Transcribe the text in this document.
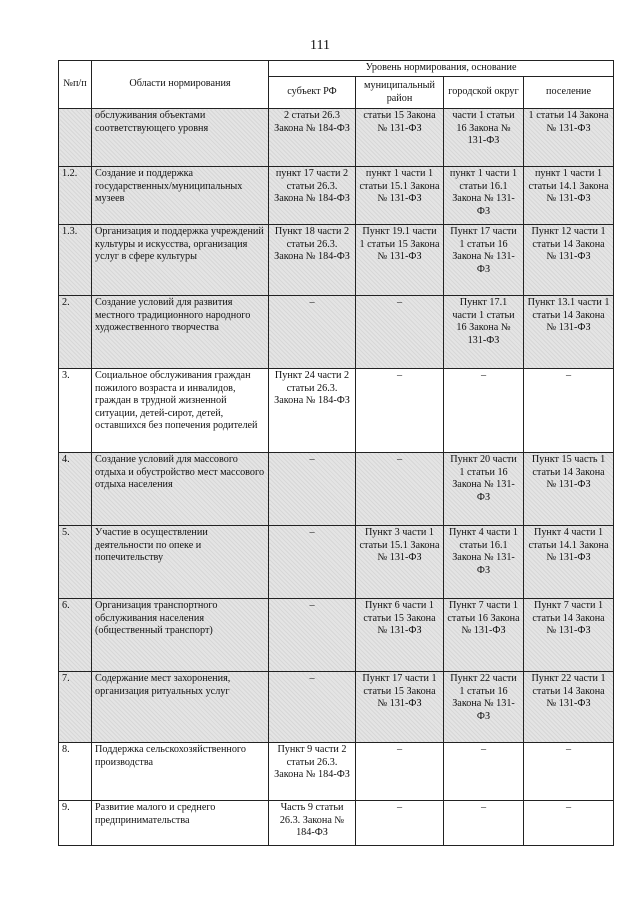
111
№п/п	Области нормирования	Уровень нормирования, основание			
		субъект РФ	муниципальный район	городской округ	поселение
	обслуживания объектами соответствующего уровня	2 статьи 26.3 Закона № 184-ФЗ	статьи 15 Закона № 131-ФЗ	части 1 статьи 16 Закона № 131-ФЗ	1 статьи 14 Закона № 131-ФЗ
1.2.	Создание и поддержка государственных/муниципальных музеев	пункт 17 части 2 статьи 26.3. Закона № 184-ФЗ	пункт 1 части 1 статьи 15.1 Закона № 131-ФЗ	пункт 1 части 1 статьи 16.1 Закона № 131-ФЗ	пункт 1 части 1 статьи 14.1 Закона № 131-ФЗ
1.3.	Организация и поддержка учреждений культуры и искусства, организация услуг в сфере культуры	Пункт 18 части 2 статьи 26.3. Закона № 184-ФЗ	Пункт 19.1 части 1 статьи 15 Закона № 131-ФЗ	Пункт 17 части 1 статьи 16 Закона № 131-ФЗ	Пункт 12 части 1 статьи 14 Закона № 131-ФЗ
2.	Создание условий для развития местного традиционного народного художественного творчества	–	–	Пункт 17.1 части 1 статьи 16 Закона № 131-ФЗ	Пункт 13.1 части 1 статьи 14 Закона № 131-ФЗ
3.	Социальное обслуживания граждан пожилого возраста и инвалидов, граждан в трудной жизненной ситуации, детей-сирот, детей, оставшихся без попечения родителей	Пункт 24 части 2 статьи 26.3. Закона № 184-ФЗ	–	–	–
4.	Создание условий для массового отдыха и обустройство мест массового отдыха населения	–	–	Пункт 20 части 1 статьи 16 Закона № 131-ФЗ	Пункт 15 часть 1 статьи 14 Закона № 131-ФЗ
5.	Участие в осуществлении деятельности по опеке и попечительству	–	Пункт 3 части 1 статьи 15.1 Закона № 131-ФЗ	Пункт 4 части 1 статьи 16.1 Закона № 131-ФЗ	Пункт 4 части 1 статьи 14.1 Закона № 131-ФЗ
6.	Организация транспортного обслуживания населения (общественный транспорт)	–	Пункт 6 части 1 статьи 15 Закона № 131-ФЗ	Пункт 7 части 1 статьи 16 Закона № 131-ФЗ	Пункт 7 части 1 статьи 14 Закона № 131-ФЗ
7.	Содержание мест захоронения, организация ритуальных услуг	–	Пункт 17 части 1 статьи 15 Закона № 131-ФЗ	Пункт 22 части 1 статьи 16 Закона № 131-ФЗ	Пункт 22 части 1 статьи 14 Закона № 131-ФЗ
8.	Поддержка сельскохозяйственного производства	Пункт 9 части 2 статьи 26.3. Закона № 184-ФЗ	–	–	–
9.	Развитие малого и среднего предпринимательства	Часть 9 статьи 26.3. Закона № 184-ФЗ	–	–	–
